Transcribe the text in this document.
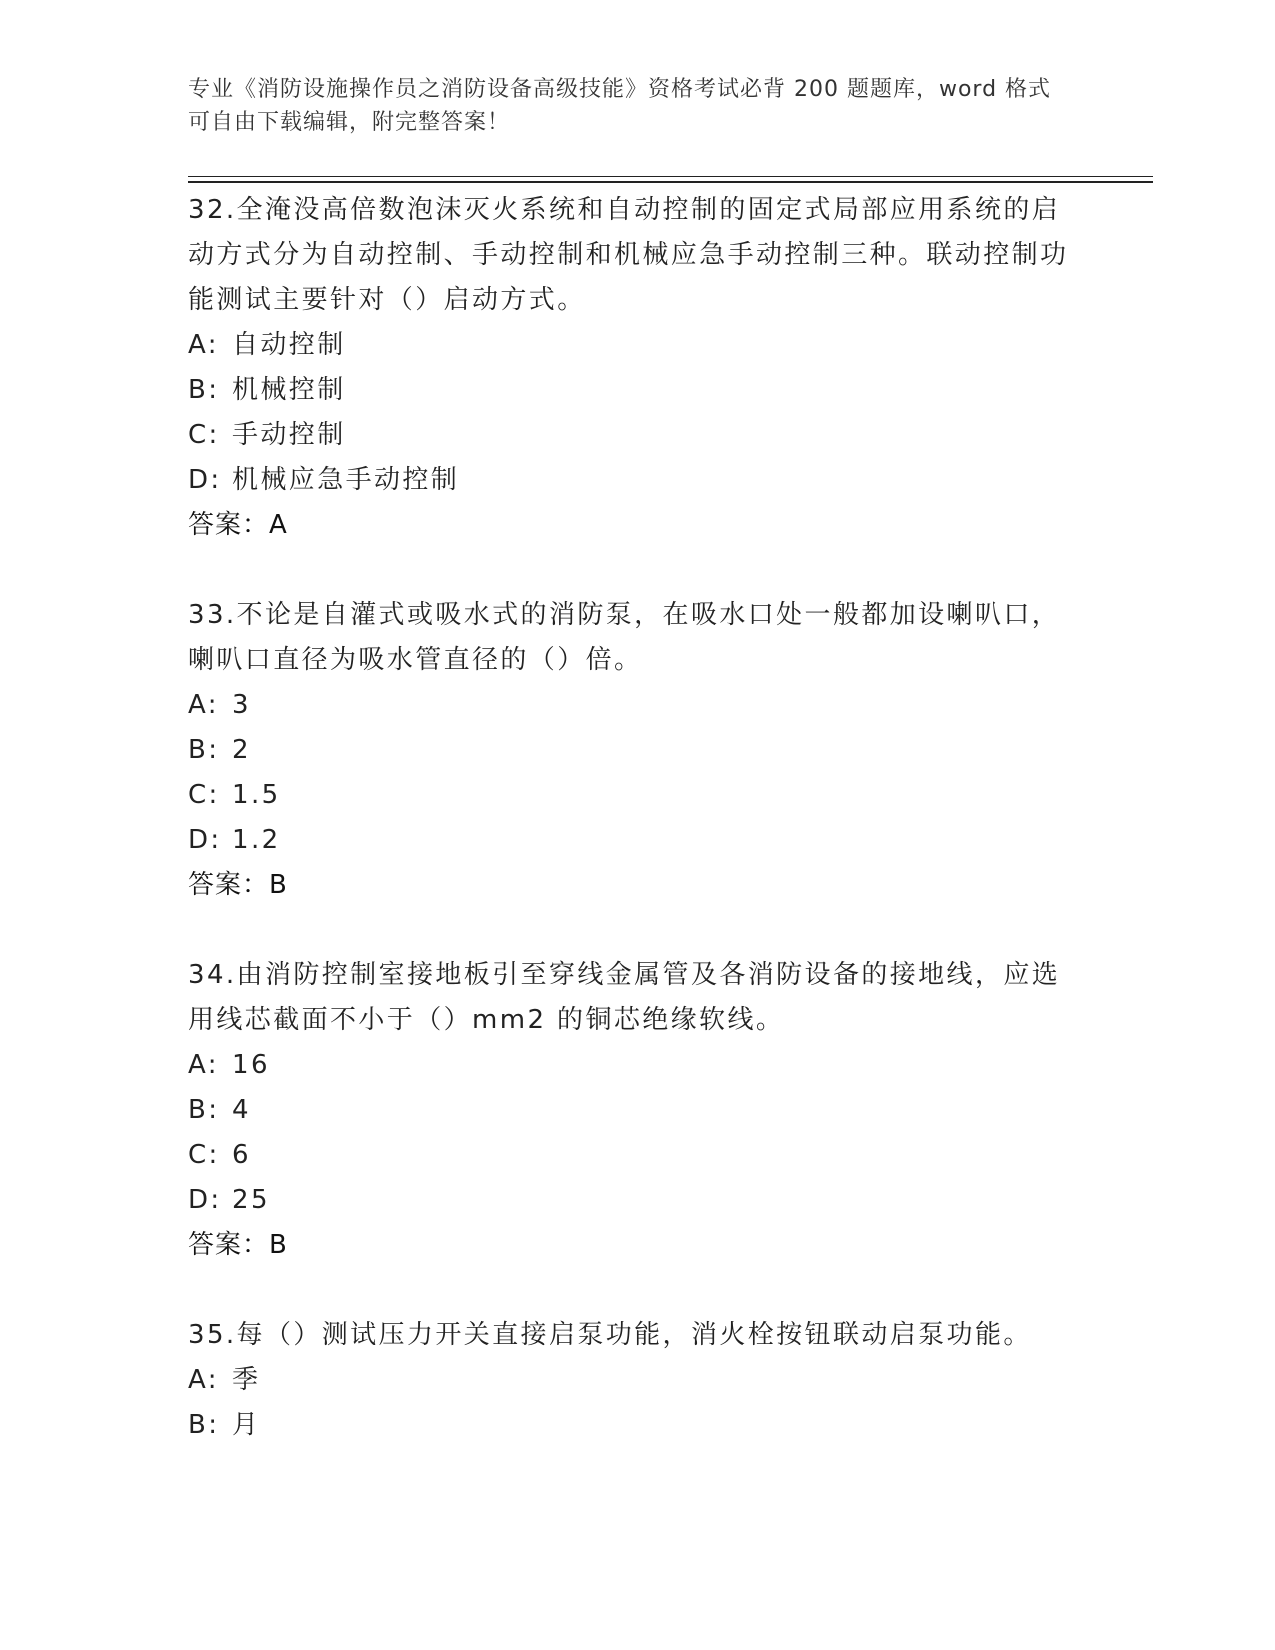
专业《消防设施操作员之消防设备高级技能》资格考试必背 200 题题库，word 格式可自由下载编辑，附完整答案！

32.全淹没高倍数泡沫灭火系统和自动控制的固定式局部应用系统的启动方式分为自动控制、手动控制和机械应急手动控制三种。联动控制功能测试主要针对（）启动方式。

A: 自动控制
B: 机械控制
C: 手动控制
D: 机械应急手动控制

答案：A

33.不论是自灌式或吸水式的消防泵，在吸水口处一般都加设喇叭口，喇叭口直径为吸水管直径的（）倍。

A: 3
B: 2
C: 1.5
D: 1.2

答案：B

34.由消防控制室接地板引至穿线金属管及各消防设备的接地线，应选用线芯截面不小于（）mm2 的铜芯绝缘软线。

A: 16
B: 4
C: 6
D: 25

答案：B

35.每（）测试压力开关直接启泵功能，消火栓按钮联动启泵功能。

A: 季
B: 月
